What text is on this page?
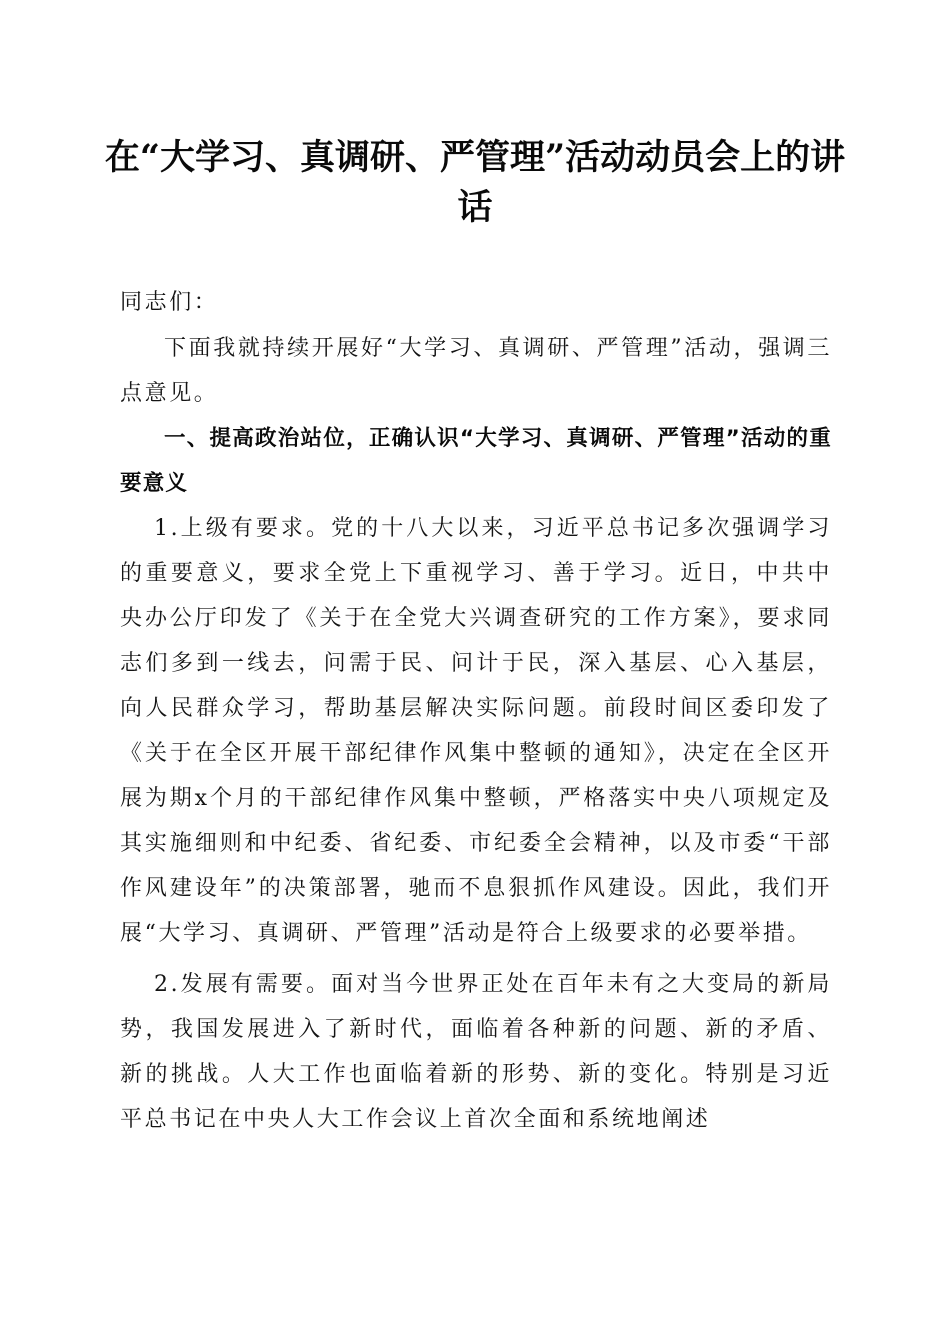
在“大学习、真调研、严管理”活动动员会上的讲话

同志们：

下面我就持续开展好“大学习、真调研、严管理”活动，强调三点意见。

一、提高政治站位，正确认识“大学习、真调研、严管理”活动的重要意义

1.上级有要求。党的十八大以来，习近平总书记多次强调学习的重要意义，要求全党上下重视学习、善于学习。近日，中共中央办公厅印发了《关于在全党大兴调查研究的工作方案》，要求同志们多到一线去，问需于民、问计于民，深入基层、心入基层，向人民群众学习，帮助基层解决实际问题。前段时间区委印发了《关于在全区开展干部纪律作风集中整顿的通知》，决定在全区开展为期x个月的干部纪律作风集中整顿，严格落实中央八项规定及其实施细则和中纪委、省纪委、市纪委全会精神，以及市委“干部作风建设年”的决策部署，驰而不息狠抓作风建设。因此，我们开展“大学习、真调研、严管理”活动是符合上级要求的必要举措。

2.发展有需要。面对当今世界正处在百年未有之大变局的新局势，我国发展进入了新时代，面临着各种新的问题、新的矛盾、新的挑战。人大工作也面临着新的形势、新的变化。特别是习近平总书记在中央人大工作会议上首次全面和系统地阐述
